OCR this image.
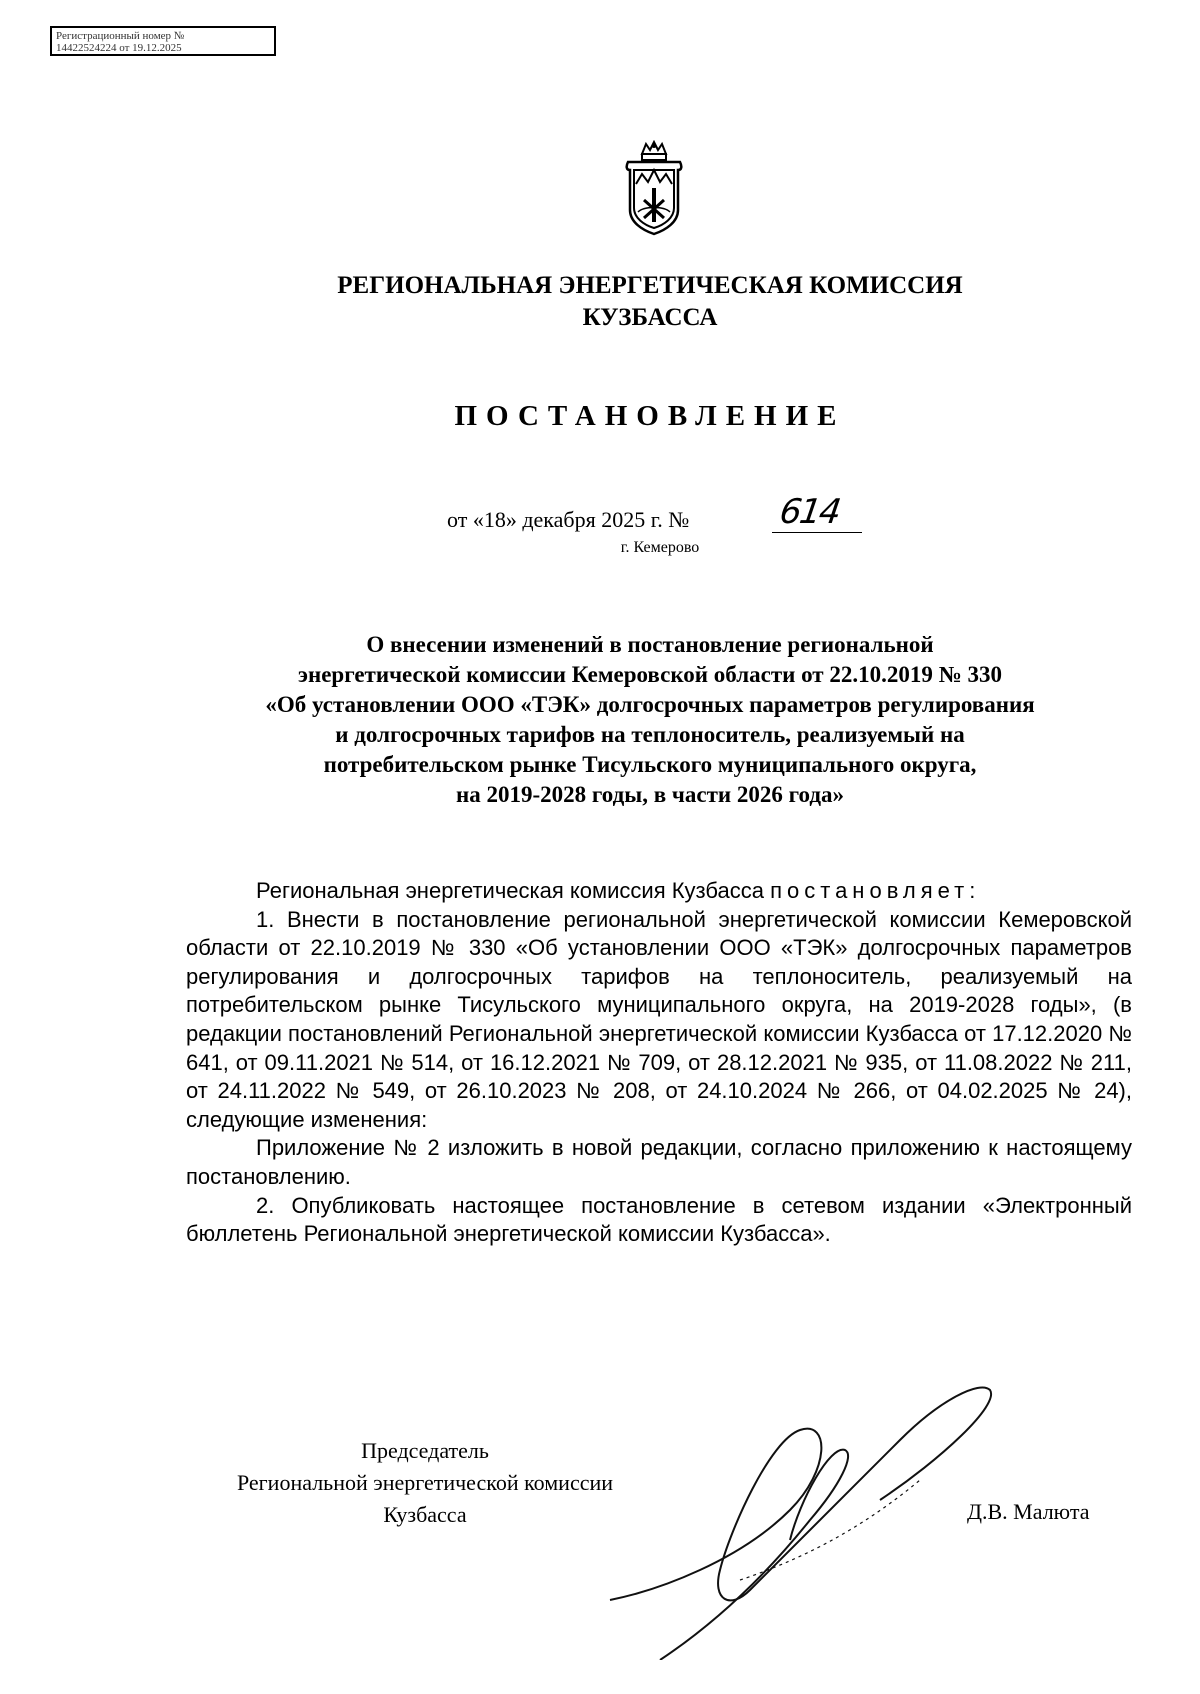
Регистрационный номер №
14422524224 от 19.12.2025
РЕГИОНАЛЬНАЯ ЭНЕРГЕТИЧЕСКАЯ КОМИССИЯ
КУЗБАССА
ПОСТАНОВЛЕНИЕ
от «18» декабря 2025 г. №	614
г. Кемерово
О внесении изменений в постановление региональной
энергетической комиссии Кемеровской области от 22.10.2019 № 330
«Об установлении ООО «ТЭК» долгосрочных параметров регулирования
и долгосрочных тарифов на теплоноситель, реализуемый на
потребительском рынке Тисульского муниципального округа,
на 2019-2028 годы, в части 2026 года»

Региональная энергетическая комиссия Кузбасса постановляет:

1. Внести в постановление региональной энергетической комиссии Кемеровской области от 22.10.2019 № 330 «Об установлении ООО «ТЭК» долгосрочных параметров регулирования и долгосрочных тарифов на теплоноситель, реализуемый на потребительском рынке Тисульского муниципального округа, на 2019-2028 годы», (в редакции постановлений Региональной энергетической комиссии Кузбасса от 17.12.2020 № 641, от 09.11.2021 № 514, от 16.12.2021 № 709, от 28.12.2021 № 935, от 11.08.2022 № 211, от 24.11.2022 № 549, от 26.10.2023 № 208, от 24.10.2024 № 266, от 04.02.2025 № 24), следующие изменения:

Приложение № 2 изложить в новой редакции, согласно приложению к настоящему постановлению.

2. Опубликовать настоящее постановление в сетевом издании «Электронный бюллетень Региональной энергетической комиссии Кузбасса».

Председатель
Региональной энергетической комиссии
Кузбасса	Д.В. Малюта
